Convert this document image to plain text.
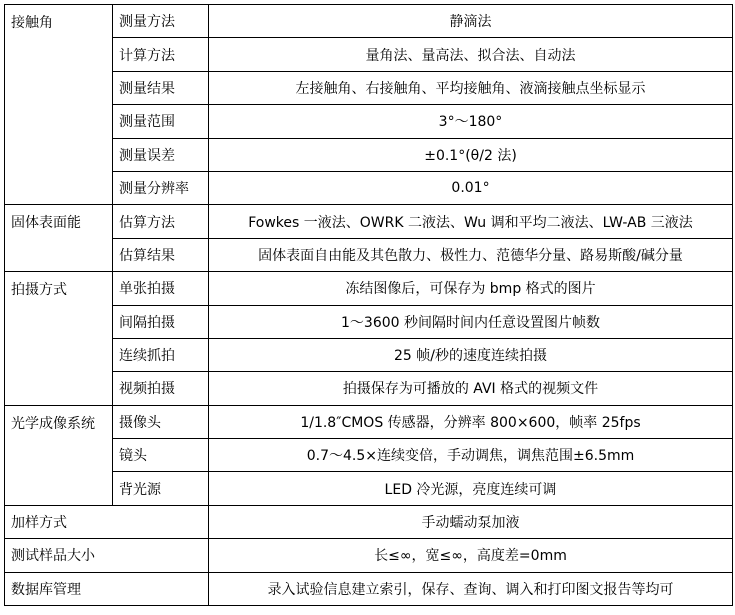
接触角	测量方法	静滴法
	计算方法	量角法、量高法、拟合法、自动法
	测量结果	左接触角、右接触角、平均接触角、液滴接触点坐标显示
	测量范围	3°～180°
	测量误差	±0.1°(θ/2 法)
	测量分辨率	0.01°
固体表面能	估算方法	Fowkes 一液法、OWRK 二液法、Wu 调和平均二液法、LW-AB 三液法
	估算结果	固体表面自由能及其色散力、极性力、范德华分量、路易斯酸/碱分量
拍摄方式	单张拍摄	冻结图像后，可保存为 bmp 格式的图片
	间隔拍摄	1～3600 秒间隔时间内任意设置图片帧数
	连续抓拍	25 帧/秒的速度连续拍摄
	视频拍摄	拍摄保存为可播放的 AVI 格式的视频文件
光学成像系统	摄像头	1/1.8″CMOS 传感器，分辨率 800×600，帧率 25fps
	镜头	0.7～4.5×连续变倍，手动调焦，调焦范围±6.5mm
	背光源	LED 冷光源，亮度连续可调
加样方式		手动蠕动泵加液
测试样品大小		长≤∞，宽≤∞，高度差=0mm
数据库管理		录入试验信息建立索引，保存、查询、调入和打印图文报告等均可
